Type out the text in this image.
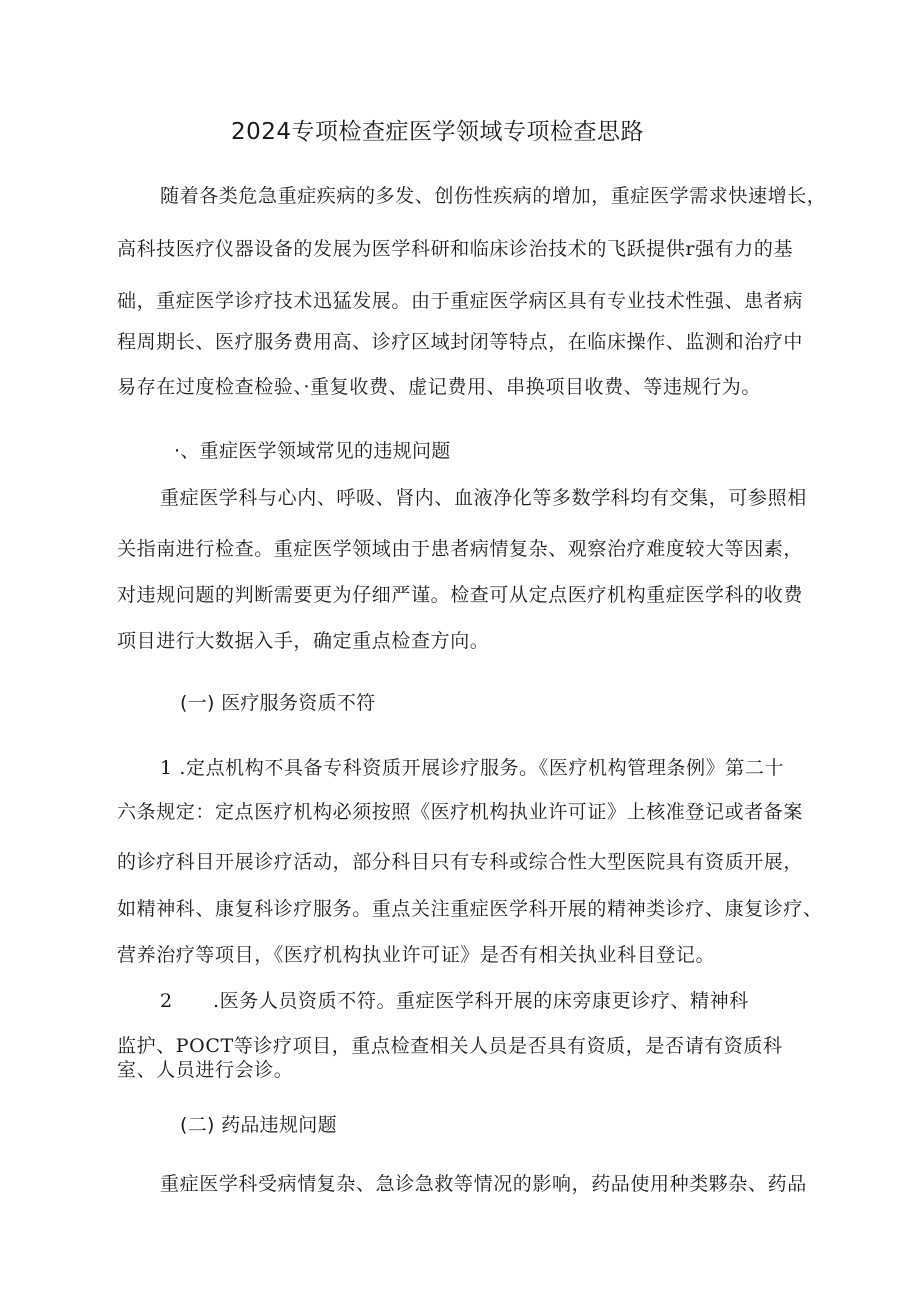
2024专项检查症医学领域专项检查思路
随着各类危急重症疾病的多发、创伤性疾病的增加，重症医学需求快速增长，
高科技医疗仪器设备的发展为医学科研和临床诊治技术的飞跃提供r强有力的基
础，重症医学诊疗技术迅猛发展。由于重症医学病区具有专业技术性强、患者病
程周期长、医疗服务费用高、诊疗区域封闭等特点，在临床操作、监测和治疗中
易存在过度检查检验、·重复收费、虚记费用、串换项目收费、等违规行为。
·、重症医学领域常见的违规问题
重症医学科与心内、呼吸、肾内、血液净化等多数学科均有交集，可参照相
关指南进行检查。重症医学领域由于患者病情复杂、观察治疗难度较大等因素，
对违规问题的判断需要更为仔细严谨。检查可从定点医疗机构重症医学科的收费
项目进行大数据入手，确定重点检查方向。
(一) 医疗服务资质不符
1 .定点机构不具备专科资质开展诊疗服务。《医疗机构管理条例》第二十
六条规定：定点医疗机构必须按照《医疗机构执业许可证》上核准登记或者备案
的诊疗科目开展诊疗活动，部分科目只有专科或综合性大型医院具有资质开展，
如精神科、康复科诊疗服务。重点关注重症医学科开展的精神类诊疗、康复诊疗、
营养治疗等项目，《医疗机构执业许可证》是否有相关执业科目登记。
2 .医务人员资质不符。重症医学科开展的床旁康更诊疗、精神科
监护、POCT等诊疗项目，重点检查相关人员是否具有资质，是否请有资质科
室、人员进行会诊。
(二) 药品违规问题
重症医学科受病情复杂、急诊急救等情况的影响，药品使用种类夥杂、药品
